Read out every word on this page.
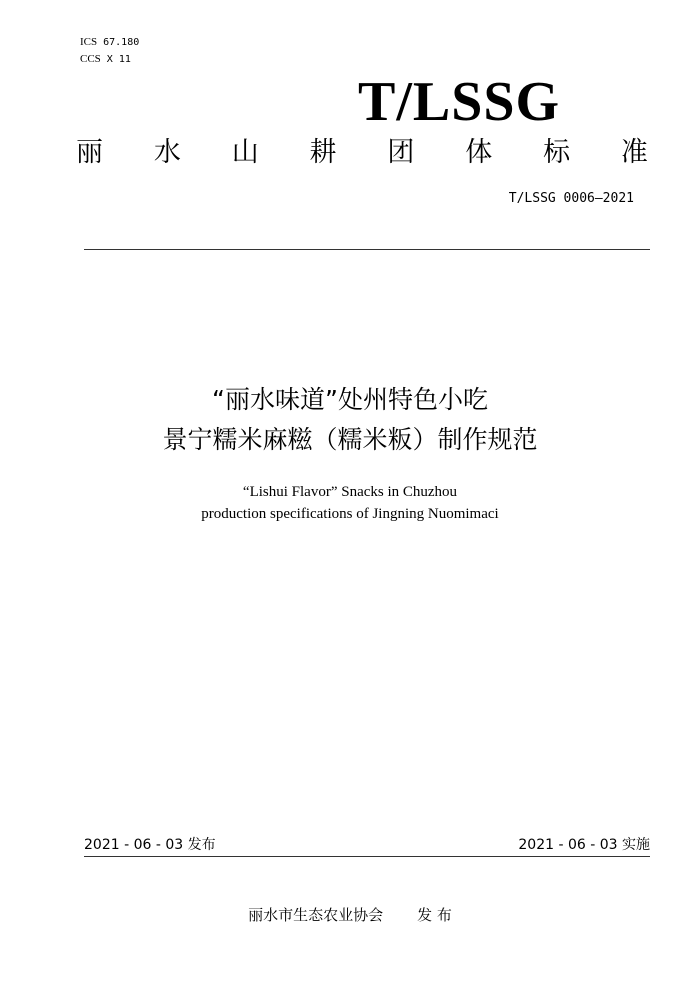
ICS 67.180
CCS X 11
T/LSSG
丽 水 山 耕 团 体 标 准
T/LSSG 0006—2021
“丽水味道”处州特色小吃
景宁糯米麻糍（糯米粄）制作规范
“Lishui Flavor” Snacks in Chuzhou
production specifications of Jingning Nuomimaci
2021 - 06 - 03 发布	2021 - 06 - 03 实施
丽水市生态农业协会 发 布
